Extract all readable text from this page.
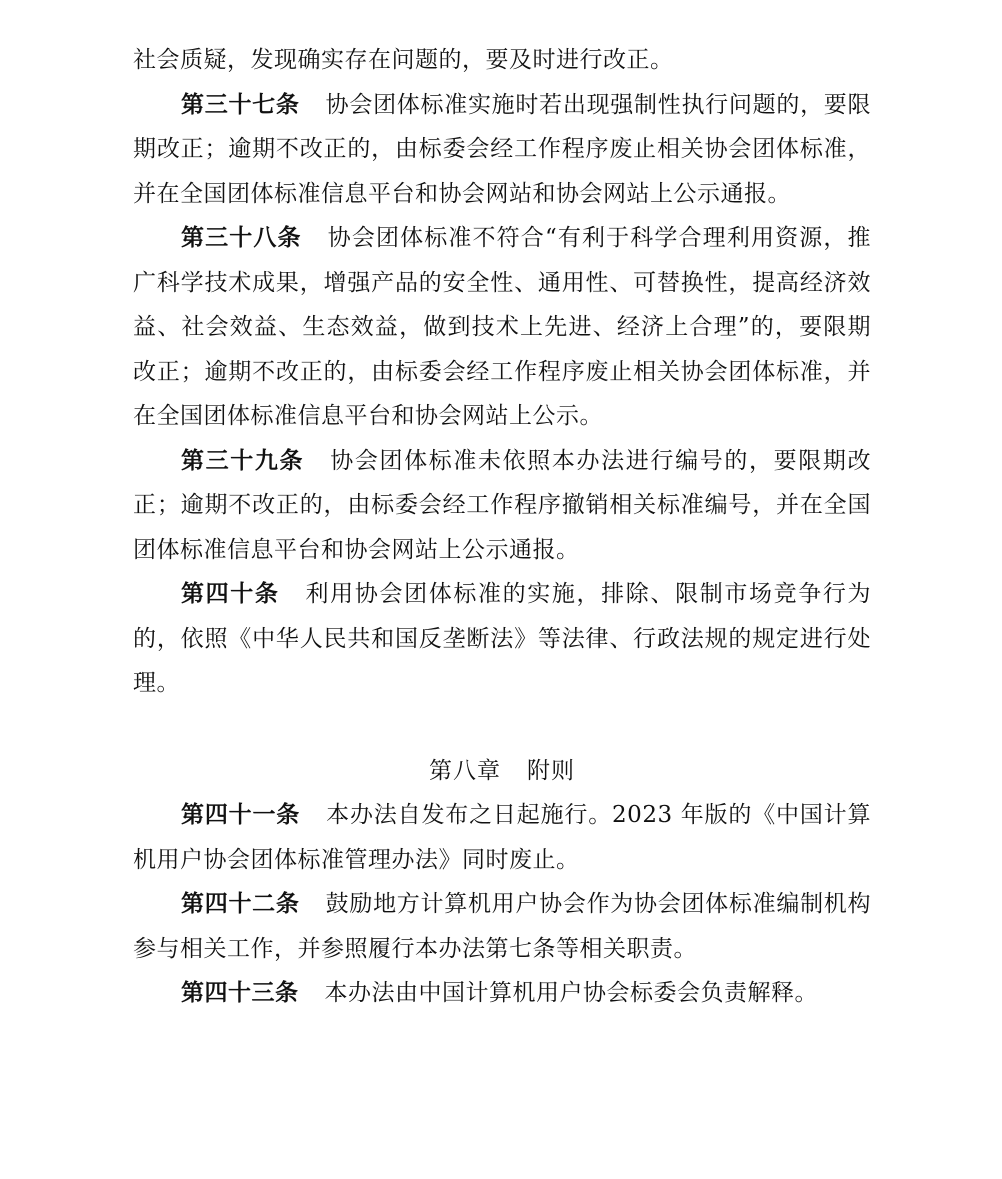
社会质疑，发现确实存在问题的，要及时进行改正。

第三十七条 协会团体标准实施时若出现强制性执行问题的，要限期改正；逾期不改正的，由标委会经工作程序废止相关协会团体标准，并在全国团体标准信息平台和协会网站和协会网站上公示通报。

第三十八条 协会团体标准不符合“有利于科学合理利用资源，推广科学技术成果，增强产品的安全性、通用性、可替换性，提高经济效益、社会效益、生态效益，做到技术上先进、经济上合理”的，要限期改正；逾期不改正的，由标委会经工作程序废止相关协会团体标准，并在全国团体标准信息平台和协会网站上公示。

第三十九条 协会团体标准未依照本办法进行编号的，要限期改正；逾期不改正的，由标委会经工作程序撤销相关标准编号，并在全国团体标准信息平台和协会网站上公示通报。

第四十条 利用协会团体标准的实施，排除、限制市场竞争行为的，依照《中华人民共和国反垄断法》等法律、行政法规的规定进行处理。

第八章 附则

第四十一条 本办法自发布之日起施行。2023 年版的《中国计算机用户协会团体标准管理办法》同时废止。

第四十二条 鼓励地方计算机用户协会作为协会团体标准编制机构参与相关工作，并参照履行本办法第七条等相关职责。

第四十三条 本办法由中国计算机用户协会标委会负责解释。
